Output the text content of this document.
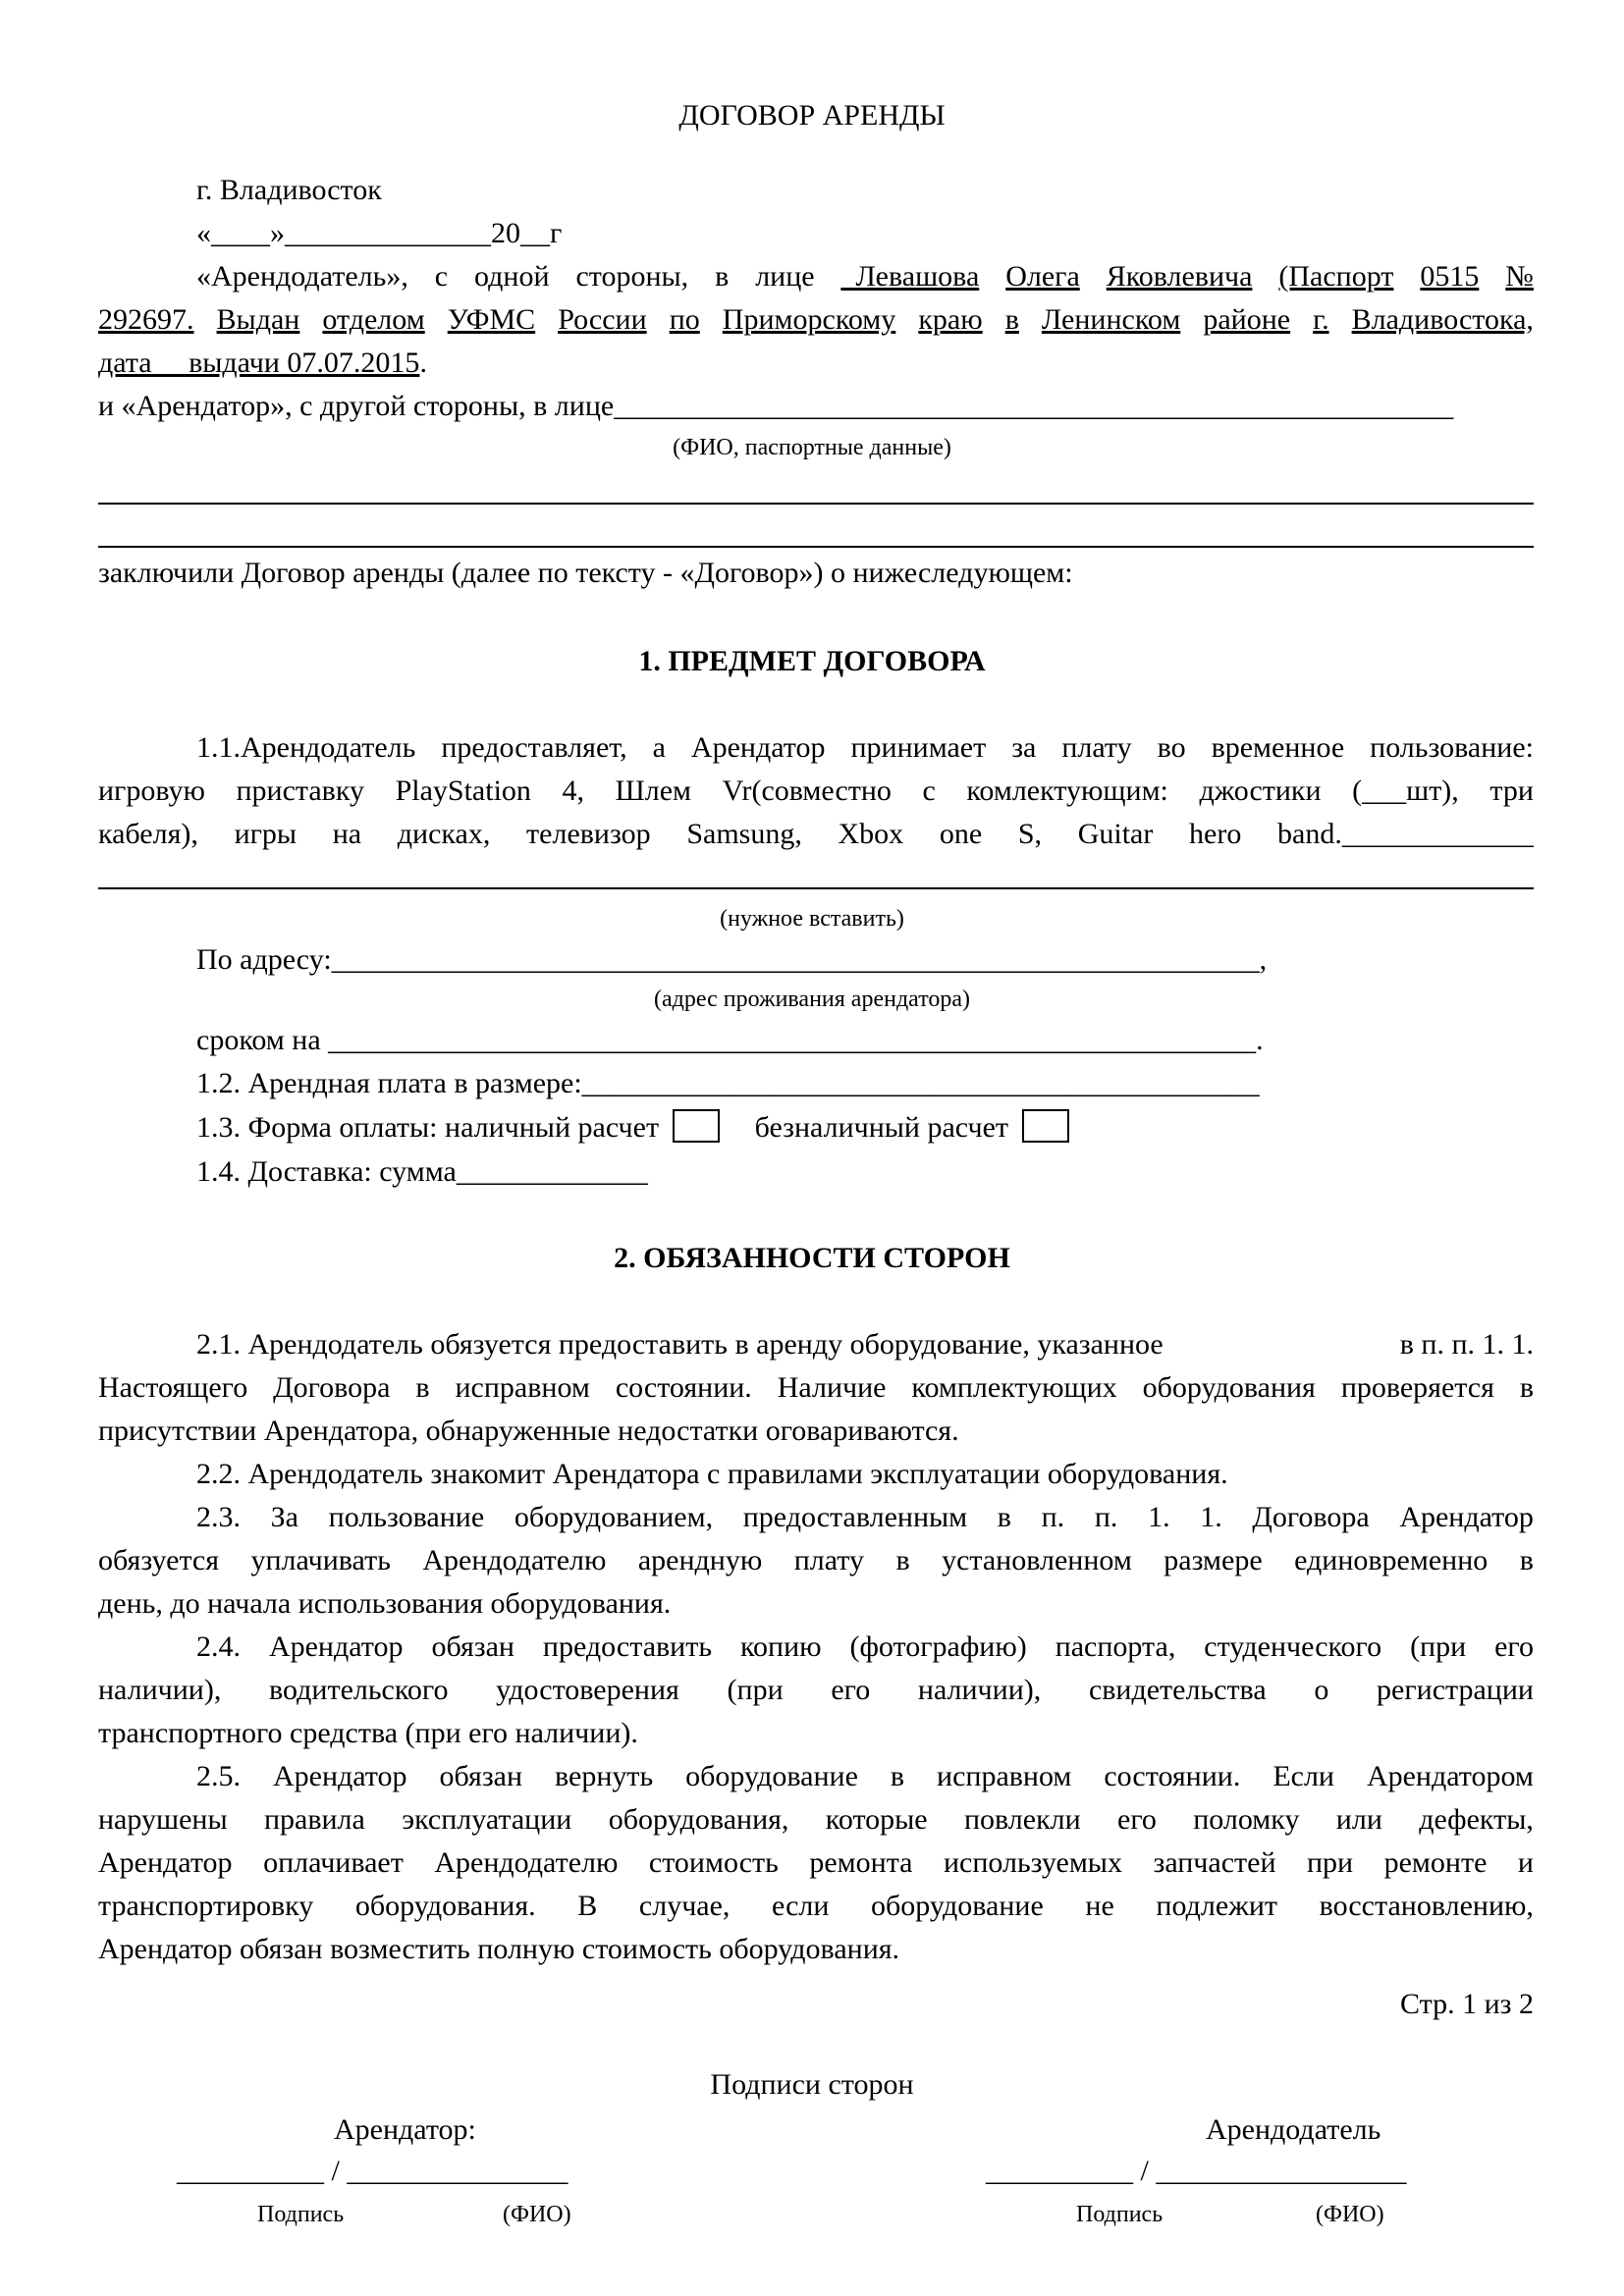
ДОГОВОР АРЕНДЫ
г. Владивосток
«____»______________20__г
«Арендодатель», с одной стороны, в лице _Левашова Олега Яковлевича (Паспорт 0515 №
292697. Выдан отделом УФМС России по Приморскому краю в Ленинском районе г. Владивостока,
дата__ выдачи 07.07.2015.
и «Арендатор», с другой стороны, в лице_________________________________________________________
(ФИО, паспортные данные)
заключили Договор аренды (далее по тексту - «Договор») о нижеследующем:
1. ПРЕДМЕТ ДОГОВОРА
1.1.Арендодатель предоставляет, а Арендатор принимает за плату во временное пользование:
игровую приставку PlayStation 4, Шлем Vr(совместно с комлектующим: джостики (___шт), три
кабеля), игры на дисках, телевизор Samsung, Xbox one S, Guitar hero band._____________
(нужное вставить)
По адресу:_______________________________________________________________,
(адрес проживания арендатора)
сроком на _______________________________________________________________.
1.2. Арендная плата в размере:______________________________________________
1.3. Форма оплаты: наличный расчет	безналичный расчет
1.4. Доставка: сумма_____________
2. ОБЯЗАННОСТИ СТОРОН
2.1. Арендодатель обязуется предоставить в аренду оборудование, указанное	в п. п. 1. 1.
Настоящего Договора в исправном состоянии. Наличие комплектующих оборудования проверяется в
присутствии Арендатора, обнаруженные недостатки оговариваются.
2.2. Арендодатель знакомит Арендатора с правилами эксплуатации оборудования.
2.3. За пользование оборудованием, предоставленным в п. п. 1. 1. Договора Арендатор
обязуется уплачивать Арендодателю арендную плату в установленном размере единовременно в
день, до начала использования оборудования.
2.4. Арендатор обязан предоставить копию (фотографию) паспорта, студенческого (при его
наличии), водительского удостоверения (при его наличии), свидетельства о регистрации
транспортного средства (при его наличии).
2.5. Арендатор обязан вернуть оборудование в исправном состоянии. Если Арендатором
нарушены правила эксплуатации оборудования, которые повлекли его поломку или дефекты,
Арендатор оплачивает Арендодателю стоимость ремонта используемых запчастей при ремонте и
транспортировку оборудования. В случае, если оборудование не подлежит восстановлению,
Арендатор обязан возместить полную стоимость оборудования.
Стр. 1 из 2
Подписи сторон
Арендатор:	Арендодатель
__________ / _______________	__________ / _________________
Подпись	(ФИО)	Подпись	(ФИО)
